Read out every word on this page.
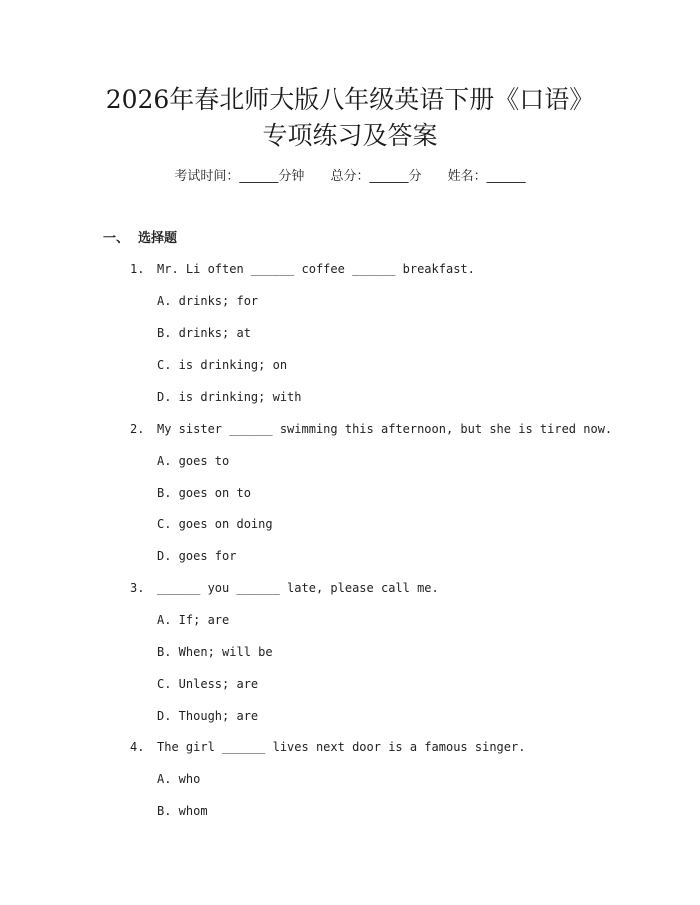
2026年春北师大版八年级英语下册《口语》
专项练习及答案
考试时间：______分钟 总分：______分 姓名：______
一、 选择题
1. Mr. Li often ______ coffee ______ breakfast.
A. drinks; for
B. drinks; at
C. is drinking; on
D. is drinking; with
2. My sister ______ swimming this afternoon, but she is tired now.
A. goes to
B. goes on to
C. goes on doing
D. goes for
3. ______ you ______ late, please call me.
A. If; are
B. When; will be
C. Unless; are
D. Though; are
4. The girl ______ lives next door is a famous singer.
A. who
B. whom
